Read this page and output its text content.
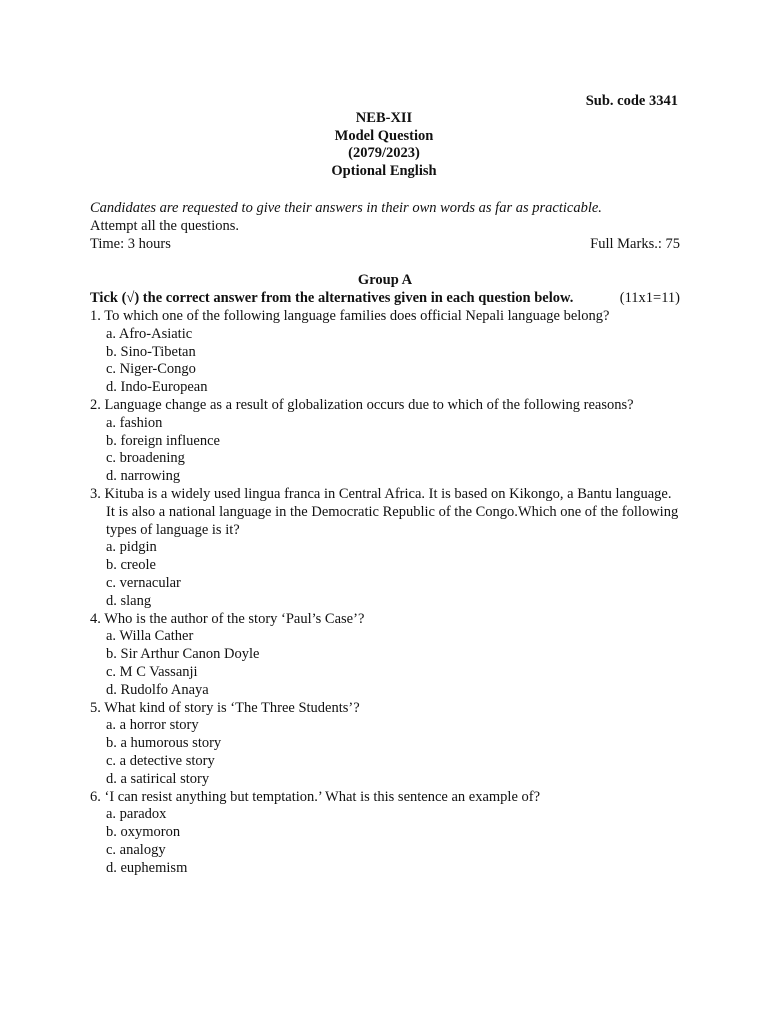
Sub. code 3341
NEB-XII
Model Question
(2079/2023)
Optional English
Candidates are requested to give their answers in their own words as far as practicable.
Attempt all the questions.
Time: 3 hours	Full Marks.: 75
Group A
Tick (√) the correct answer from the alternatives given in each question below.	(11x1=11)
1. To which one of the following language families does official Nepali language belong?
a. Afro-Asiatic
b. Sino-Tibetan
c. Niger-Congo
d. Indo-European
2. Language change as a result of globalization occurs due to which of the following reasons?
a. fashion
b. foreign influence
c. broadening
d. narrowing
3. Kituba is a widely used lingua franca in Central Africa. It is based on Kikongo, a Bantu language. It is also a national language in the Democratic Republic of the Congo.Which one of the following types of language is it?
a. pidgin
b. creole
c. vernacular
d. slang
4. Who is the author of the story ‘Paul’s Case’?
a. Willa Cather
b. Sir Arthur Canon Doyle
c. M C Vassanji
d. Rudolfo Anaya
5. What kind of story is ‘The Three Students’?
a. a horror story
b. a humorous story
c. a detective story
d. a satirical story
6. ‘I can resist anything but temptation.’ What is this sentence an example of?
a. paradox
b. oxymoron
c. analogy
d. euphemism
